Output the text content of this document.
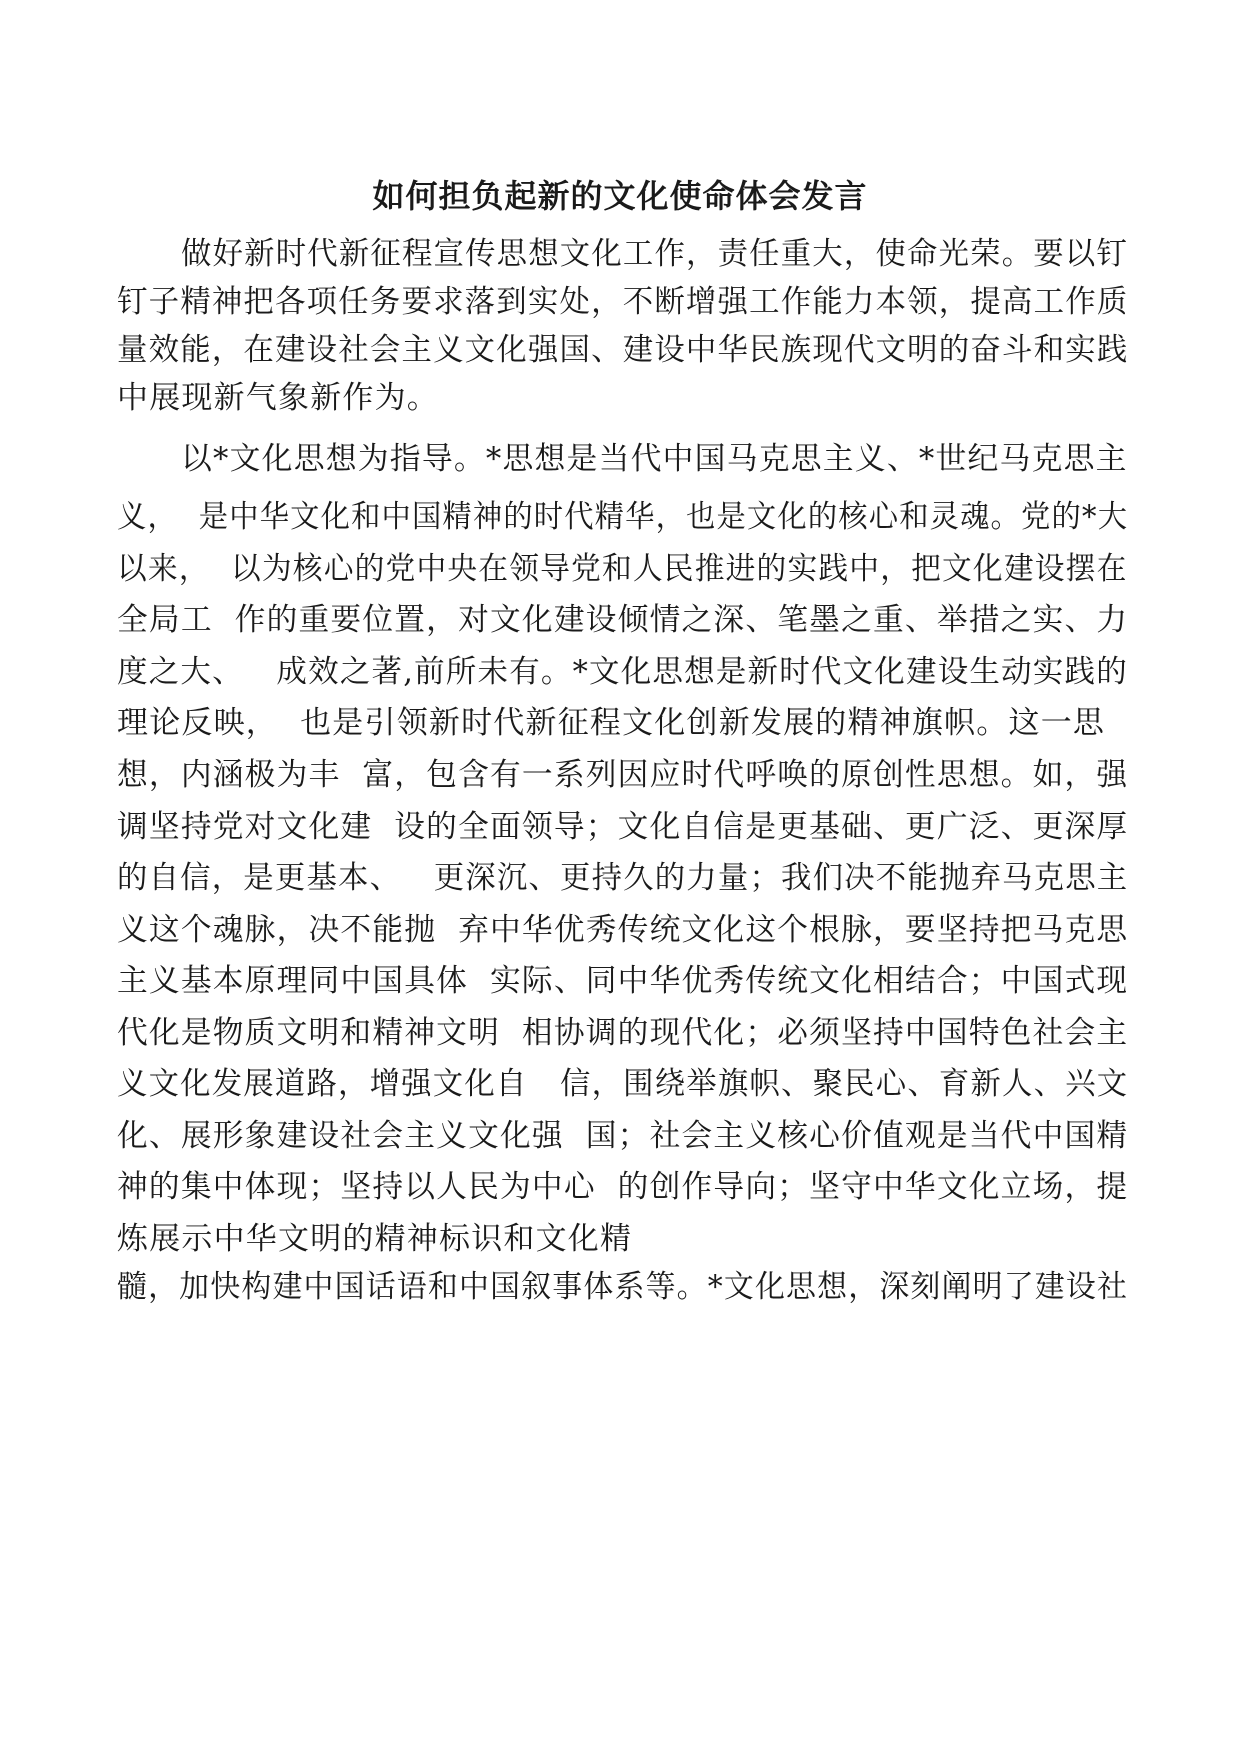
如何担负起新的文化使命体会发言
做好新时代新征程宣传思想文化工作，责任重大，使命光荣。要以钉
钉子精神把各项任务要求落到实处，不断增强工作能力本领，提高工作质
量效能，在建设社会主义文化强国、建设中华民族现代文明的奋斗和实践
中展现新气象新作为。
以*文化思想为指导。*思想是当代中国马克思主义、*世纪马克思主
义，  是中华文化和中国精神的时代精华，也是文化的核心和灵魂。党的*大
以来，  以为核心的党中央在领导党和人民推进的实践中，把文化建设摆在
全局工  作的重要位置，对文化建设倾情之深、笔墨之重、举措之实、力
度之大、   成效之著,前所未有。*文化思想是新时代文化建设生动实践的
理论反映，  也是引领新时代新征程文化创新发展的精神旗帜。这一思
想，内涵极为丰  富，包含有一系列因应时代呼唤的原创性思想。如，强
调坚持党对文化建  设的全面领导；文化自信是更基础、更广泛、更深厚
的自信，是更基本、   更深沉、更持久的力量；我们决不能抛弃马克思主
义这个魂脉，决不能抛  弃中华优秀传统文化这个根脉，要坚持把马克思
主义基本原理同中国具体  实际、同中华优秀传统文化相结合；中国式现
代化是物质文明和精神文明  相协调的现代化；必须坚持中国特色社会主
义文化发展道路，增强文化自   信，围绕举旗帜、聚民心、育新人、兴文
化、展形象建设社会主义文化强  国；社会主义核心价值观是当代中国精
神的集中体现；坚持以人民为中心  的创作导向；坚守中华文化立场，提
炼展示中华文明的精神标识和文化精
髓，加快构建中国话语和中国叙事体系等。*文化思想，深刻阐明了建设社
